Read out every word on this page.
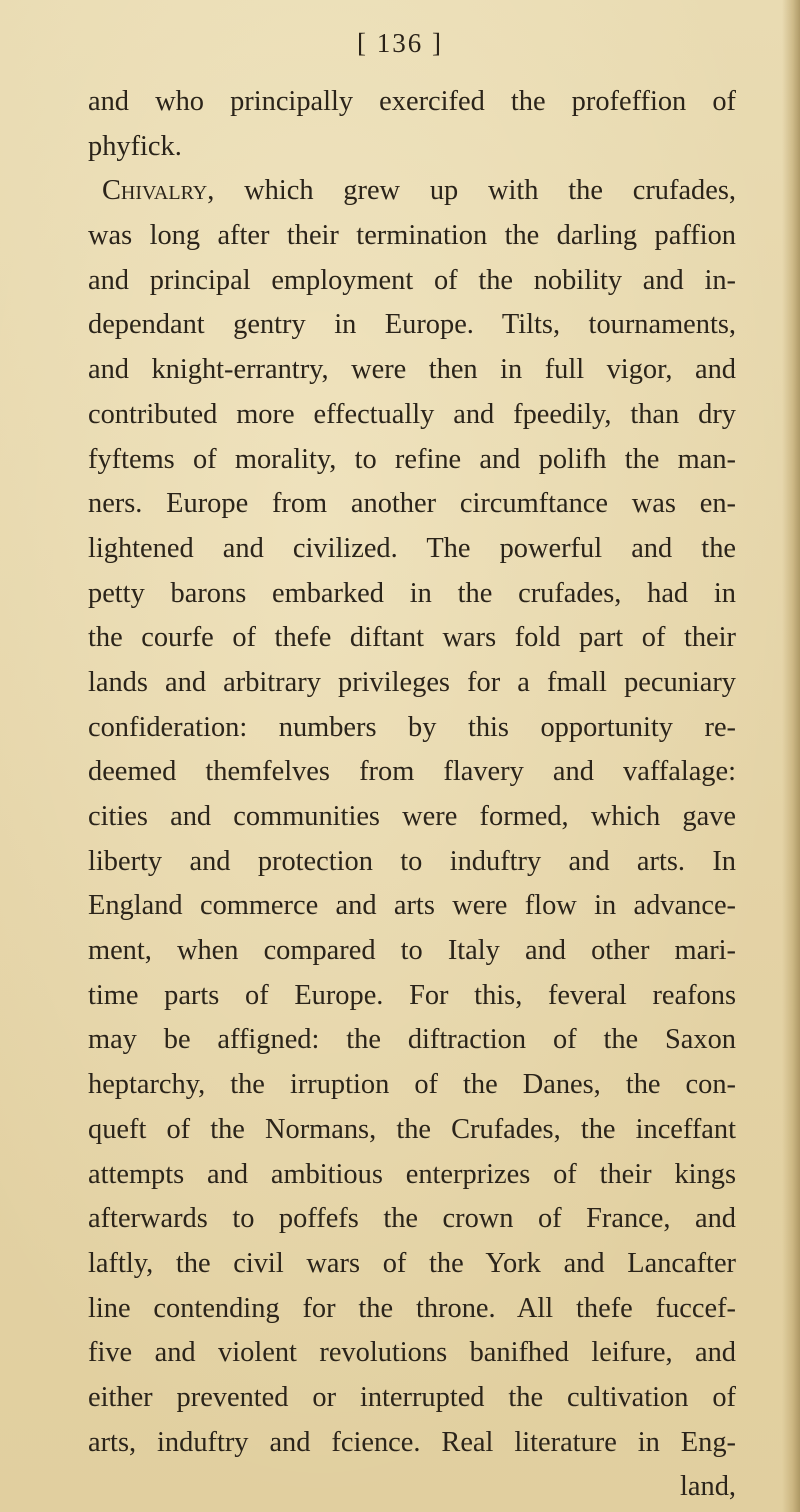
[ 136 ]
and who principally exercifed the profeffion of
phyfick.
Chivalry, which grew up with the crufades,
was long after their termination the darling paffion
and principal employment of the nobility and in-
dependant gentry in Europe. Tilts, tournaments,
and knight-errantry, were then in full vigor, and
contributed more effectually and fpeedily, than dry
fyftems of morality, to refine and polifh the man-
ners. Europe from another circumftance was en-
lightened and civilized. The powerful and the
petty barons embarked in the crufades, had in
the courfe of thefe diftant wars fold part of their
lands and arbitrary privileges for a fmall pecuniary
confideration: numbers by this opportunity re-
deemed themfelves from flavery and vaffalage:
cities and communities were formed, which gave
liberty and protection to induftry and arts. In
England commerce and arts were flow in advance-
ment, when compared to Italy and other mari-
time parts of Europe. For this, feveral reafons
may be affigned: the diftraction of the Saxon
heptarchy, the irruption of the Danes, the con-
queft of the Normans, the Crufades, the inceffant
attempts and ambitious enterprizes of their kings
afterwards to poffefs the crown of France, and
laftly, the civil wars of the York and Lancafter
line contending for the throne. All thefe fuccef-
five and violent revolutions banifhed leifure, and
either prevented or interrupted the cultivation of
arts, induftry and fcience. Real literature in Eng-
land,
